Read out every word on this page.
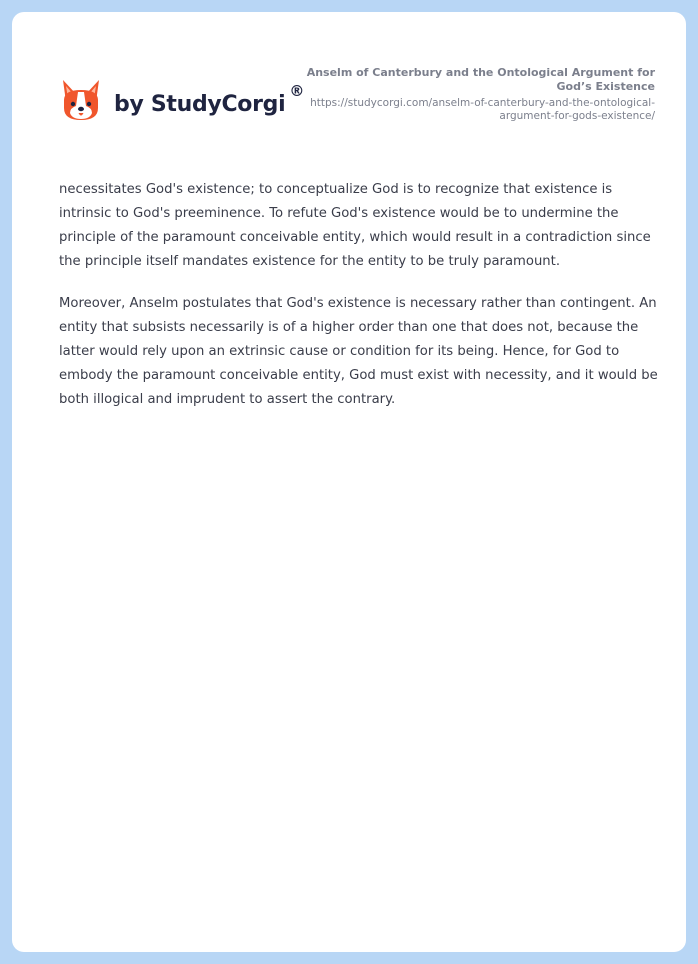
by StudyCorgi
®
Anselm of Canterbury and the Ontological Argument for God’s Existence
https://studycorgi.com/anselm-of-canterbury-and-the-ontological-argument-for-gods-existence/

necessitates God's existence; to conceptualize God is to recognize that existence is intrinsic to God's preeminence. To refute God's existence would be to undermine the principle of the paramount conceivable entity, which would result in a contradiction since the principle itself mandates existence for the entity to be truly paramount.

Moreover, Anselm postulates that God's existence is necessary rather than contingent. An entity that subsists necessarily is of a higher order than one that does not, because the latter would rely upon an extrinsic cause or condition for its being. Hence, for God to embody the paramount conceivable entity, God must exist with necessity, and it would be both illogical and imprudent to assert the contrary.
